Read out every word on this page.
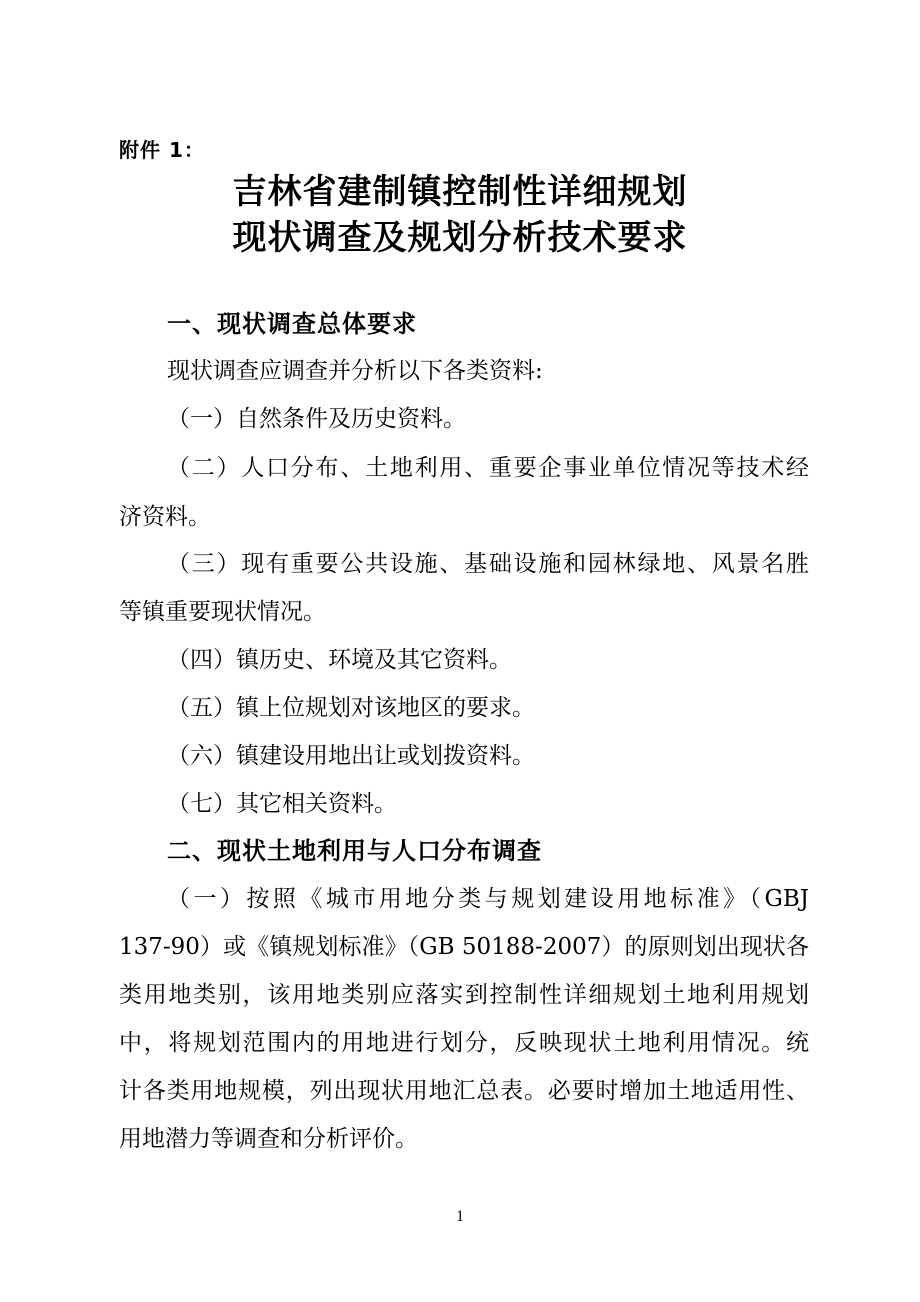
附件 1：
吉林省建制镇控制性详细规划
现状调查及规划分析技术要求
一、现状调查总体要求
现状调查应调查并分析以下各类资料:
（一）自然条件及历史资料。
（二）人口分布、土地利用、重要企事业单位情况等技术经
济资料。
（三）现有重要公共设施、基础设施和园林绿地、风景名胜
等镇重要现状情况。
（四）镇历史、环境及其它资料。
（五）镇上位规划对该地区的要求。
（六）镇建设用地出让或划拨资料。
（七）其它相关资料。
二、现状土地利用与人口分布调查
（一）按照《城市用地分类与规划建设用地标准》（GBJ
137-90）或《镇规划标准》（GB 50188-2007）的原则划出现状各
类用地类别，该用地类别应落实到控制性详细规划土地利用规划
中，将规划范围内的用地进行划分，反映现状土地利用情况。统
计各类用地规模，列出现状用地汇总表。必要时增加土地适用性、
用地潜力等调查和分析评价。
1
